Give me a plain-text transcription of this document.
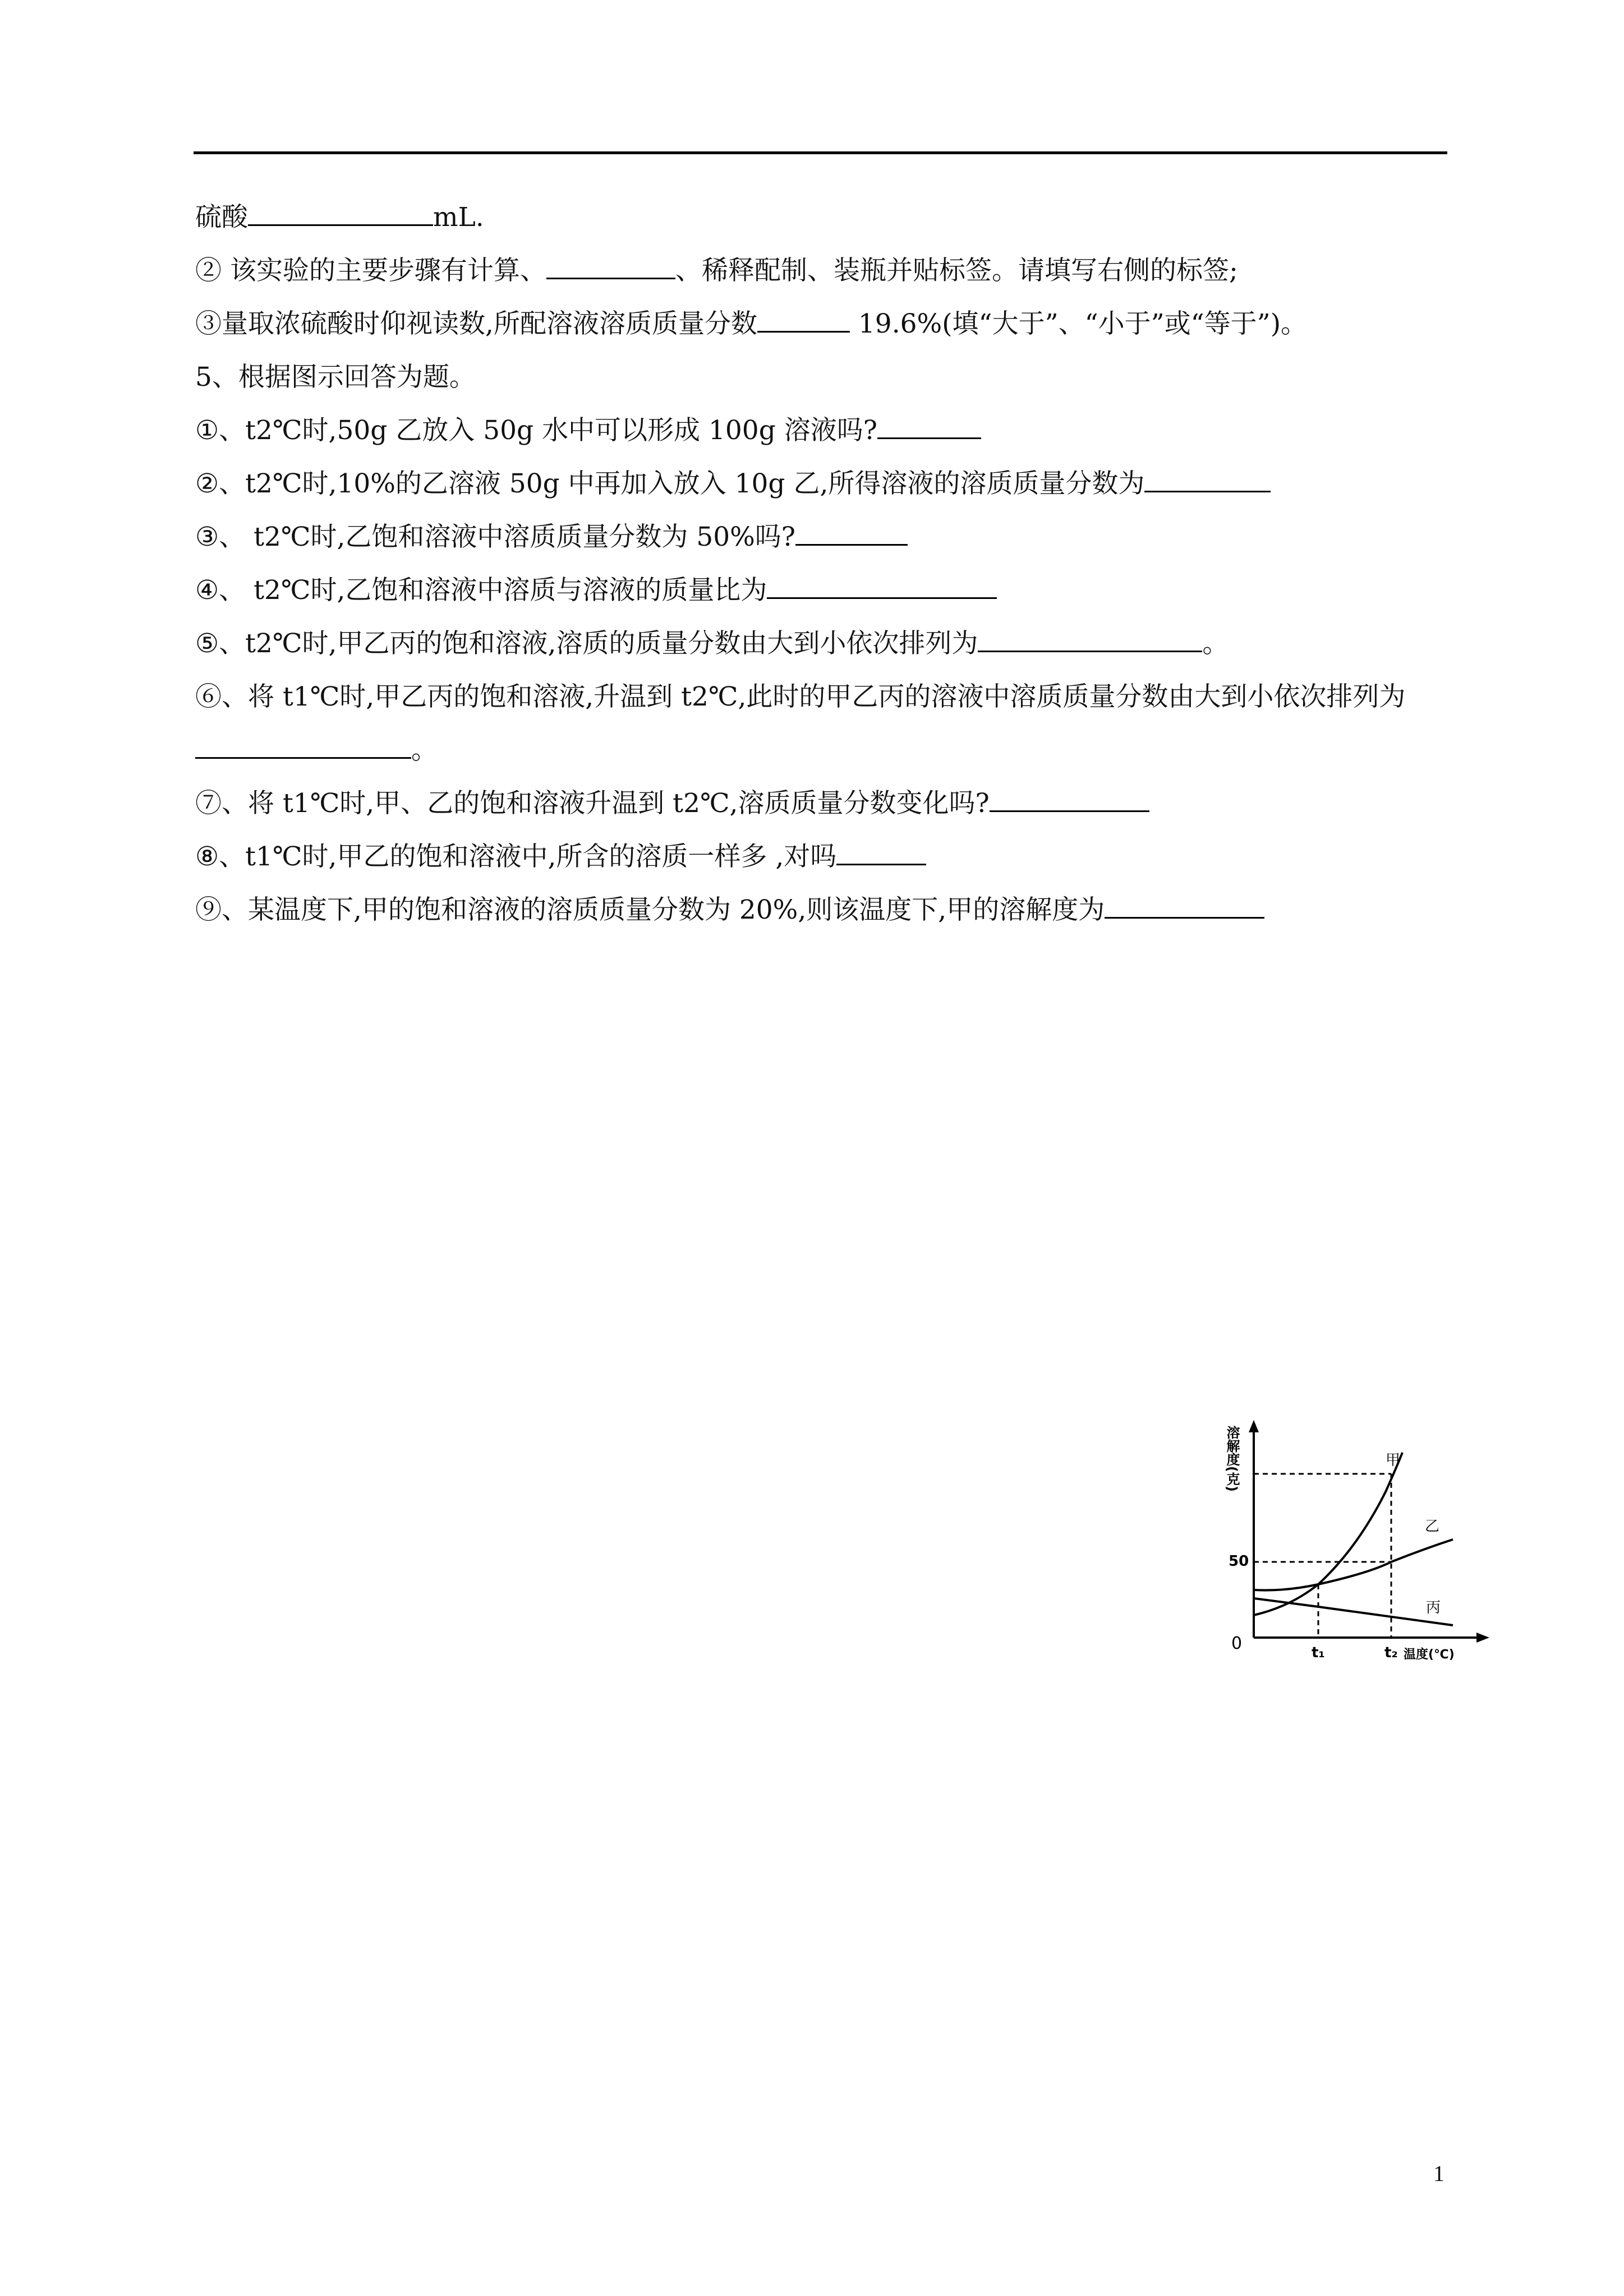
硫酸	mL.

② 该实验的主要步骤有计算、	、稀释配制、装瓶并贴标签。请填写右侧的标签;

③量取浓硫酸时仰视读数,所配溶液溶质质量分数	19.6%(填“大于”、“小于”或“等于”)。

5、根据图示回答为题。

①、t2℃时,50g 乙放入 50g 水中可以形成 100g 溶液吗?

②、t2℃时,10%的乙溶液 50g 中再加入放入 10g 乙,所得溶液的溶质质量分数为

③、 t2℃时,乙饱和溶液中溶质质量分数为 50%吗?

④、 t2℃时,乙饱和溶液中溶质与溶液的质量比为

⑤、t2℃时,甲乙丙的饱和溶液,溶质的质量分数由大到小依次排列为	。

⑥、将 t1℃时,甲乙丙的饱和溶液,升温到 t2℃,此时的甲乙丙的溶液中溶质质量分数由大到小依次排列为。

⑦、将 t1℃时,甲、乙的饱和溶液升温到 t2℃,溶质质量分数变化吗?

⑧、t1℃时,甲乙的饱和溶液中,所含的溶质一样多 ,对吗

⑨、某温度下,甲的饱和溶液的溶质质量分数为 20%,则该温度下,甲的溶解度为

溶解度(克)
50
0	t₁	t₂ 温度(℃)
甲
乙
丙
1
